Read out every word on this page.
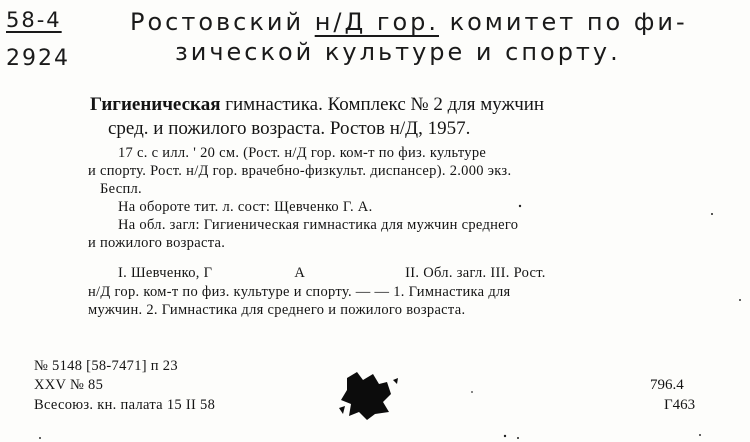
58-4
2924
Ростовский н/Д гор. комитет по фи-
зической культуре и спорту.
Гигиеническая гимнастика. Комплекс № 2 для мужчин
сред. и пожилого возраста. Ростов н/Д, 1957.
17 с. с илл. ' 20 см. (Рост. н/Д гор. ком-т по физ. культуре
и спорту. Рост. н/Д гор. врачебно-физкульт. диспансер). 2.000 экз.
Беспл.
На обороте тит. л. сост: Щевченко Г. А.
На обл. загл: Гигиеническая гимнастика для мужчин среднего
и пожилого возраста.
I. Шевченко, Г	А	II. Обл. загл. III. Рост.
н/Д гор. ком-т по физ. культуре и спорту. — — 1. Гимнастика для
мужчин. 2. Гимнастика для среднего и пожилого возраста.
№ 5148 [58-7471] п 23
XXV № 85
Всесоюз. кн. палата 15 II 58
796.4
Г463
